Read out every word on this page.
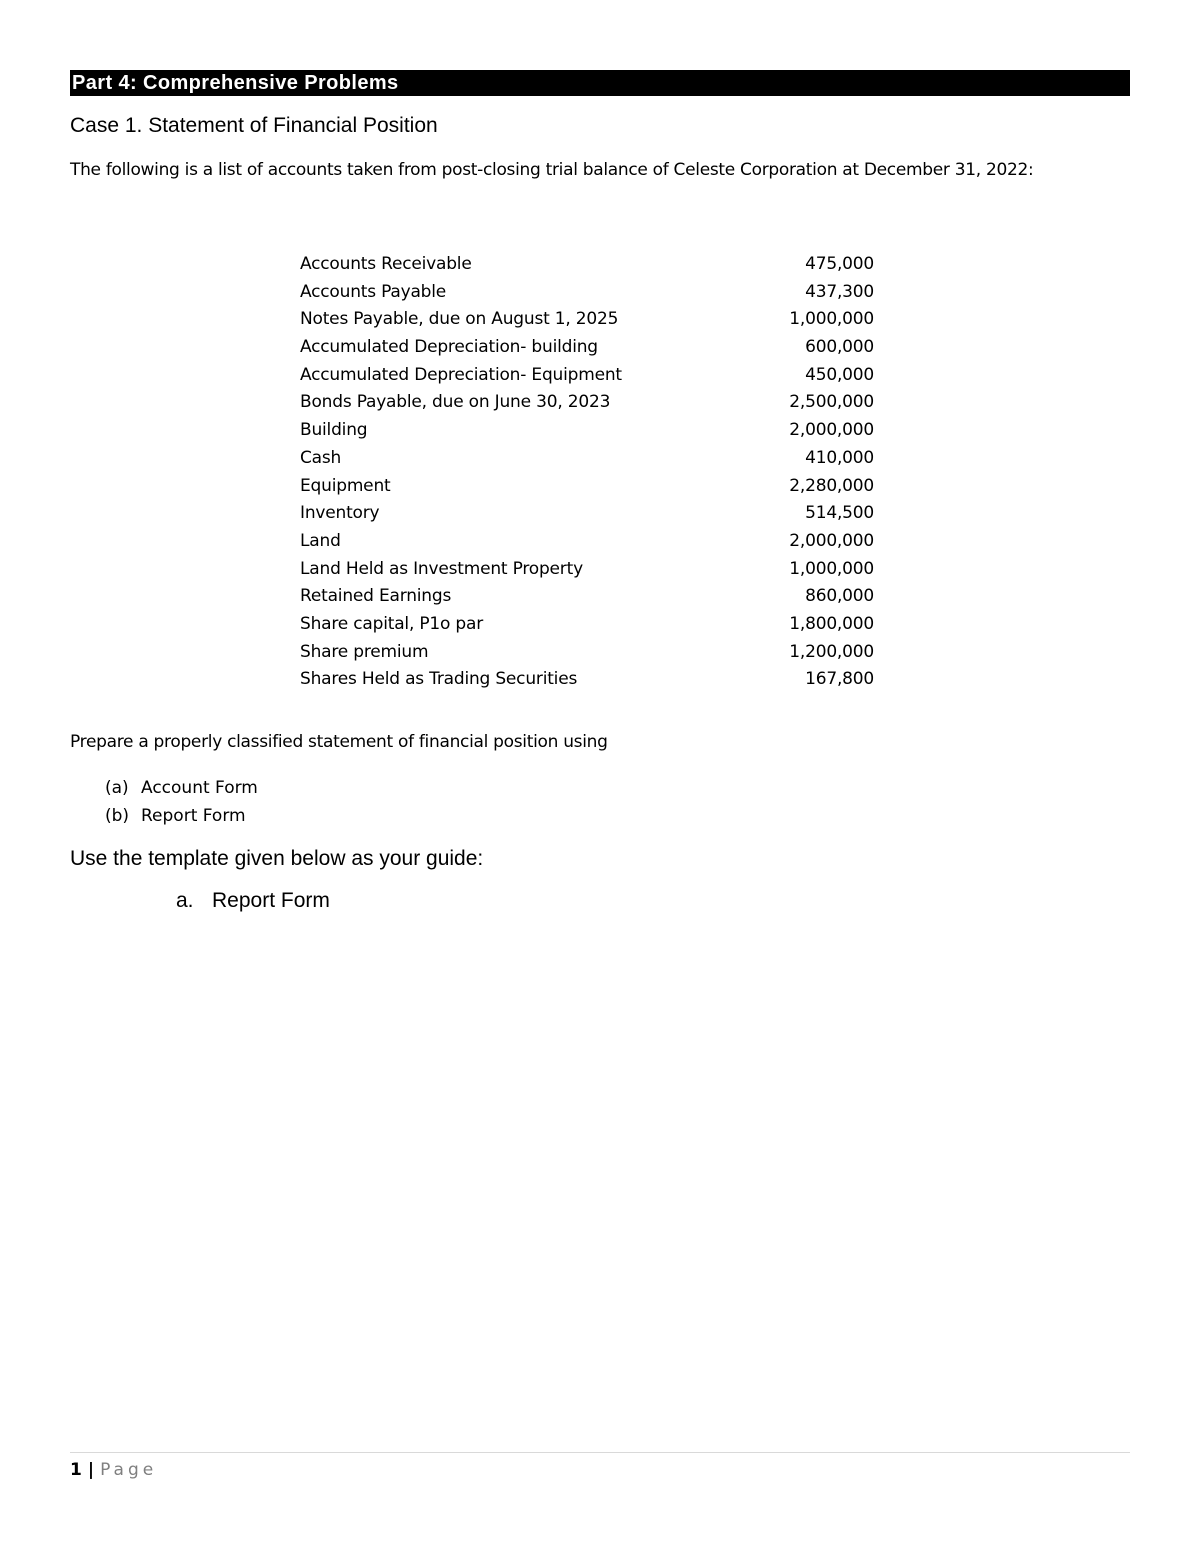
Part 4: Comprehensive Problems
Case 1. Statement of Financial Position
The following is a list of accounts taken from post-closing trial balance of Celeste Corporation at December 31, 2022:
Accounts Receivable	475,000
Accounts Payable	437,300
Notes Payable, due on August 1, 2025	1,000,000
Accumulated Depreciation- building	600,000
Accumulated Depreciation- Equipment	450,000
Bonds Payable, due on June 30, 2023	2,500,000
Building	2,000,000
Cash	410,000
Equipment	2,280,000
Inventory	514,500
Land	2,000,000
Land Held as Investment Property	1,000,000
Retained Earnings	860,000
Share capital, P1o par	1,800,000
Share premium	1,200,000
Shares Held as Trading Securities	167,800
Prepare a properly classified statement of financial position using
(a) Account Form
(b) Report Form
Use the template given below as your guide:
a. Report Form
1 | Page
